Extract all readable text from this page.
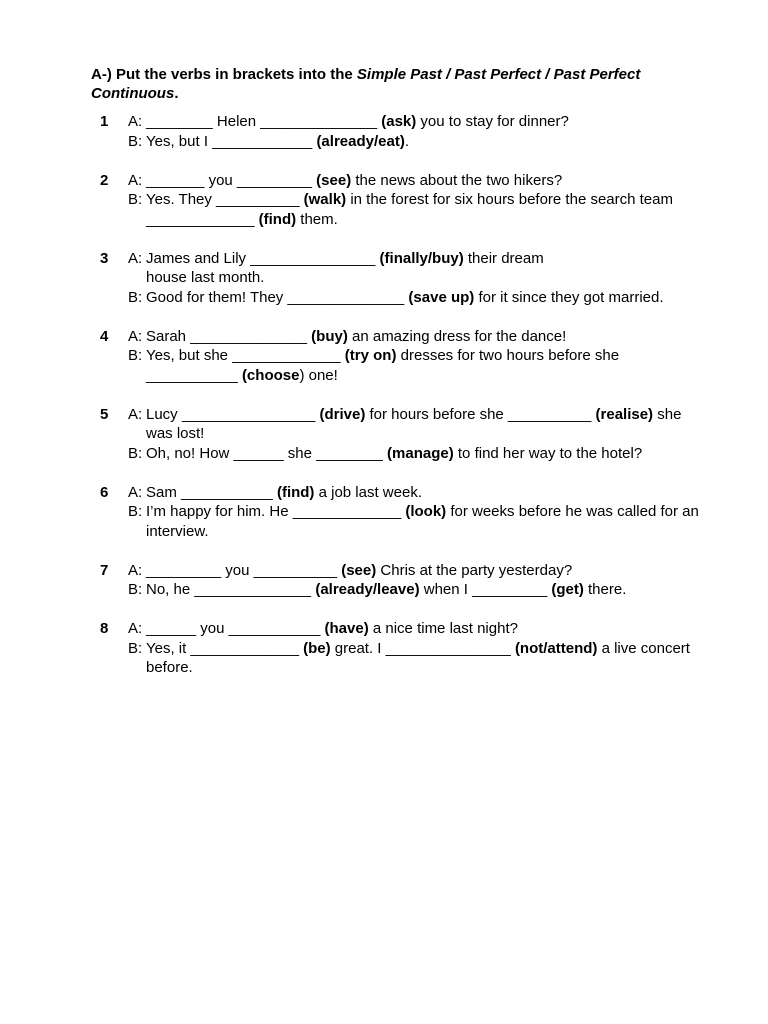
A-) Put the verbs in brackets into the Simple Past / Past Perfect / Past Perfect Continuous.
1 A: ________ Helen ______________ (ask) you to stay for dinner?
B: Yes, but I ____________ (already/eat).
2 A: _______ you _________ (see) the news about the two hikers?
B: Yes. They __________ (walk) in the forest for six hours before the search team _____________ (find) them.
3 A: James and Lily _______________ (finally/buy) their dream house last month.
B: Good for them! They ______________ (save up) for it since they got married.
4 A: Sarah ______________ (buy) an amazing dress for the dance!
B: Yes, but she _____________ (try on) dresses for two hours before she ___________ (choose) one!
5 A: Lucy ________________ (drive) for hours before she __________ (realise) she was lost!
B: Oh, no! How ______ she ________ (manage) to find her way to the hotel?
6 A: Sam ___________ (find) a job last week.
B: I’m happy for him. He _____________ (look) for weeks before he was called for an interview.
7 A: _________ you __________ (see) Chris at the party yesterday?
B: No, he ______________ (already/leave) when I _________ (get) there.
8 A: ______ you ___________ (have) a nice time last night?
B: Yes, it _____________ (be) great. I _______________ (not/attend) a live concert before.
